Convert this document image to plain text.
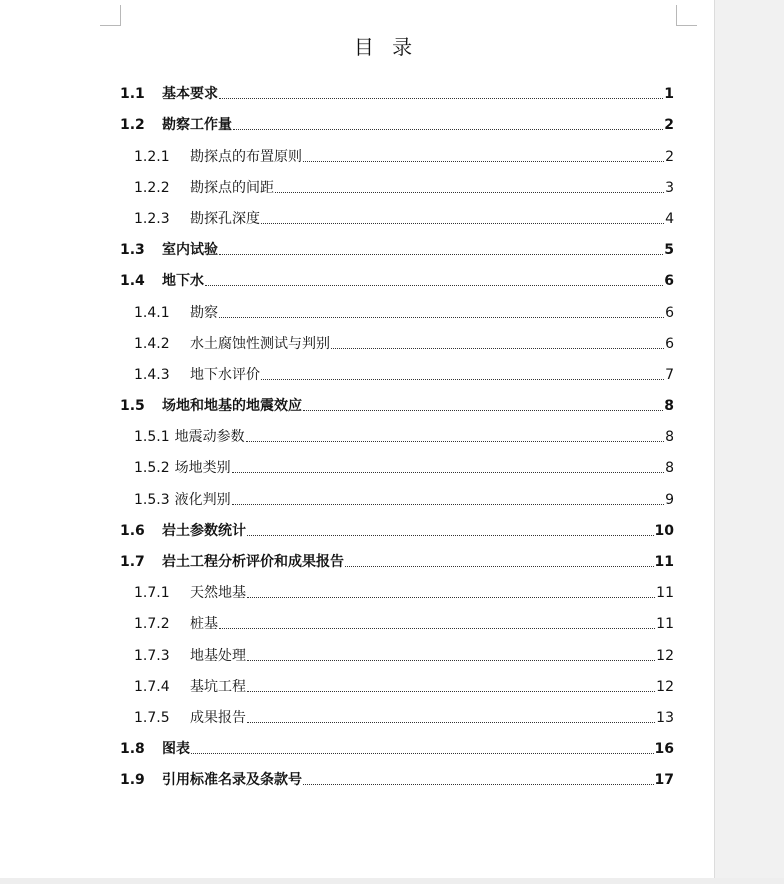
目 录
1.1	基本要求	1
1.2	勘察工作量	2
1.2.1	勘探点的布置原则	2
1.2.2	勘探点的间距	3
1.2.3	勘探孔深度	4
1.3	室内试验	5
1.4	地下水	6
1.4.1	勘察	6
1.4.2	水土腐蚀性测试与判别	6
1.4.3	地下水评价	7
1.5	场地和地基的地震效应	8
1.5.1 地震动参数	8
1.5.2 场地类别	8
1.5.3 液化判别	9
1.6	岩土参数统计	10
1.7	岩土工程分析评价和成果报告	11
1.7.1	天然地基	11
1.7.2	桩基	11
1.7.3	地基处理	12
1.7.4	基坑工程	12
1.7.5	成果报告	13
1.8	图表	16
1.9	引用标准名录及条款号	17
